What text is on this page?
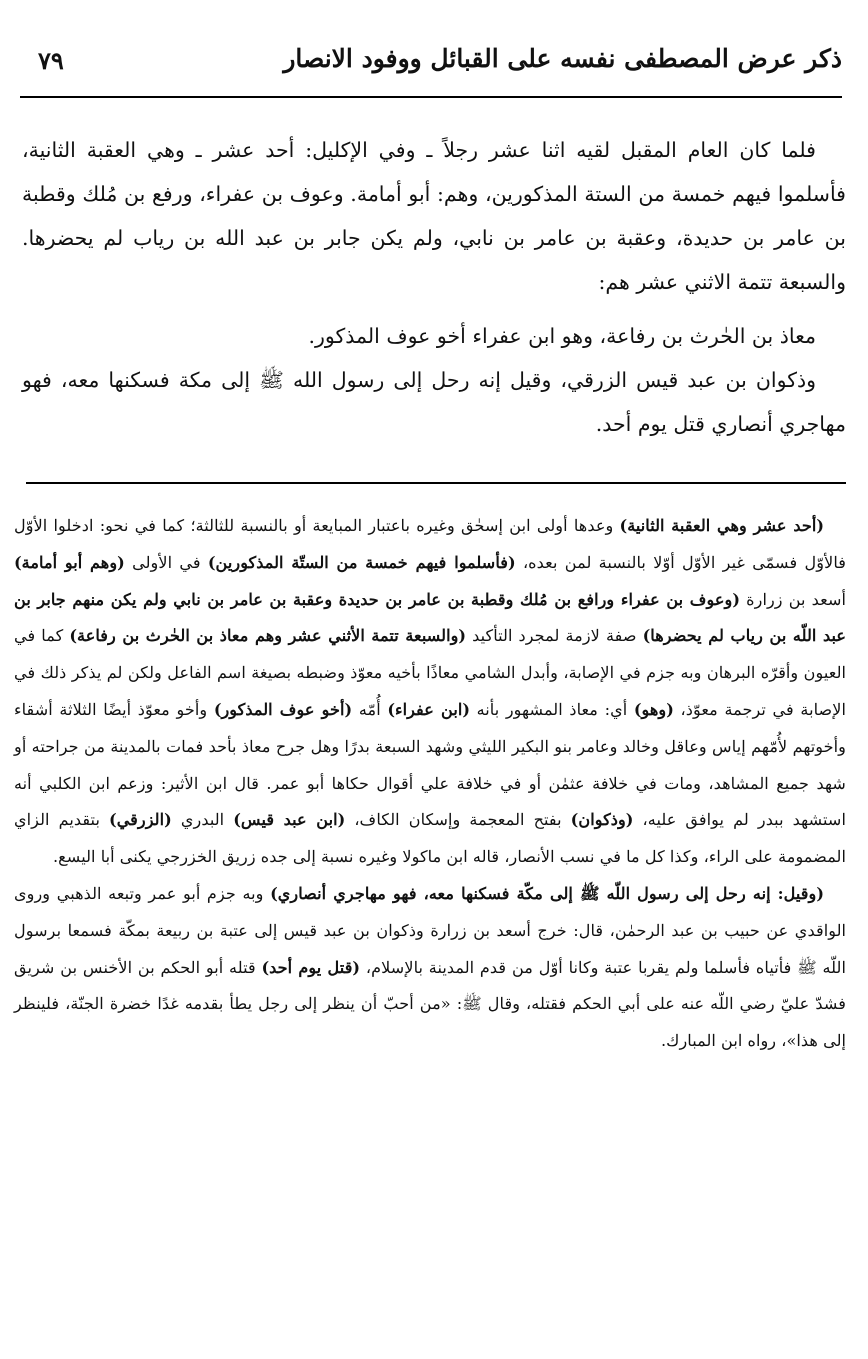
ذكر عرض المصطفى نفسه على القبائل ووفود الانصار
٧٩

فلما كان العام المقبل لقيه اثنا عشر رجلاً ـ وفي الإكليل: أحد عشر ـ وهي العقبة الثانية، فأسلموا فيهم خمسة من الستة المذكورين، وهم: أبو أمامة. وعوف بن عفراء، ورفع بن مُلك وقطبة بن عامر بن حديدة، وعقبة بن عامر بن نابي، ولم يكن جابر بن عبد الله بن رياب لم يحضرها. والسبعة تتمة الاثني عشر هم:

معاذ بن الحٰرث بن رفاعة، وهو ابن عفراء أخو عوف المذكور.

وذكوان بن عبد قيس الزرقي، وقيل إنه رحل إلى رسول الله ﷺ إلى مكة فسكنها معه، فهو مهاجري أنصاري قتل يوم أحد.

(أحد عشر وهي العقبة الثانية) وعدها أولى ابن إسحٰق وغيره باعتبار المبايعة أو بالنسبة للثالثة؛ كما في نحو: ادخلوا الأوّل فالأوّل فسمّى غير الأوّل أوّلا بالنسبة لمن بعده، (فأسلموا فيهم خمسة من الستّة المذكورين) في الأولى (وهم أبو أمامة) أسعد بن زرارة (وعوف بن عفراء ورافع بن مُلك وقطبة بن عامر بن حديدة وعقبة بن عامر بن نابي ولم يكن منهم جابر بن عبد اللّه بن رياب لم يحضرها) صفة لازمة لمجرد التأكيد (والسبعة تتمة الأثني عشر وهم معاذ بن الحٰرث بن رفاعة) كما في العيون وأقرّه البرهان وبه جزم في الإصابة، وأبدل الشامي معاذًا بأخيه معوّذ وضبطه بصيغة اسم الفاعل ولكن لم يذكر ذلك في الإصابة في ترجمة معوّذ، (وهو) أي: معاذ المشهور بأنه (ابن عفراء) أُمّه (أخو عوف المذكور) وأخو معوّذ أيضًا الثلاثة أشقاء وأخوتهم لأُمّهم إياس وعاقل وخالد وعامر بنو البكير الليثي وشهد السبعة بدرًا وهل جرح معاذ بأحد فمات بالمدينة من جراحته أو شهد جميع المشاهد، ومات في خلافة عثمٰن أو في خلافة علي أقوال حكاها أبو عمر. قال ابن الأثير: وزعم ابن الكلبي أنه استشهد ببدر لم يوافق عليه، (وذكوان) بفتح المعجمة وإسكان الكاف، (ابن عبد قيس) البدري (الزرقي) بتقديم الزاي المضمومة على الراء، وكذا كل ما في نسب الأنصار، قاله ابن ماكولا وغيره نسبة إلى جده زريق الخزرجي يكنى أبا اليسع.

(وقيل: إنه رحل إلى رسول اللّه ﷺ إلى مكّة فسكنها معه، فهو مهاجري أنصاري) وبه جزم أبو عمر وتبعه الذهبي وروى الواقدي عن حبيب بن عبد الرحمٰن، قال: خرج أسعد بن زرارة وذكوان بن عبد قيس إلى عتبة بن ربيعة بمكّة فسمعا برسول اللّه ﷺ فأتياه فأسلما ولم يقربا عتبة وكانا أوّل من قدم المدينة بالإسلام، (قتل يوم أحد) قتله أبو الحكم بن الأخنس بن شريق فشدّ عليّ رضي اللّه عنه على أبي الحكم فقتله، وقال ﷺ: «من أحبّ أن ينظر إلى رجل يطأ بقدمه غدًا خضرة الجنّة، فلينظر إلى هذا»، رواه ابن المبارك.
